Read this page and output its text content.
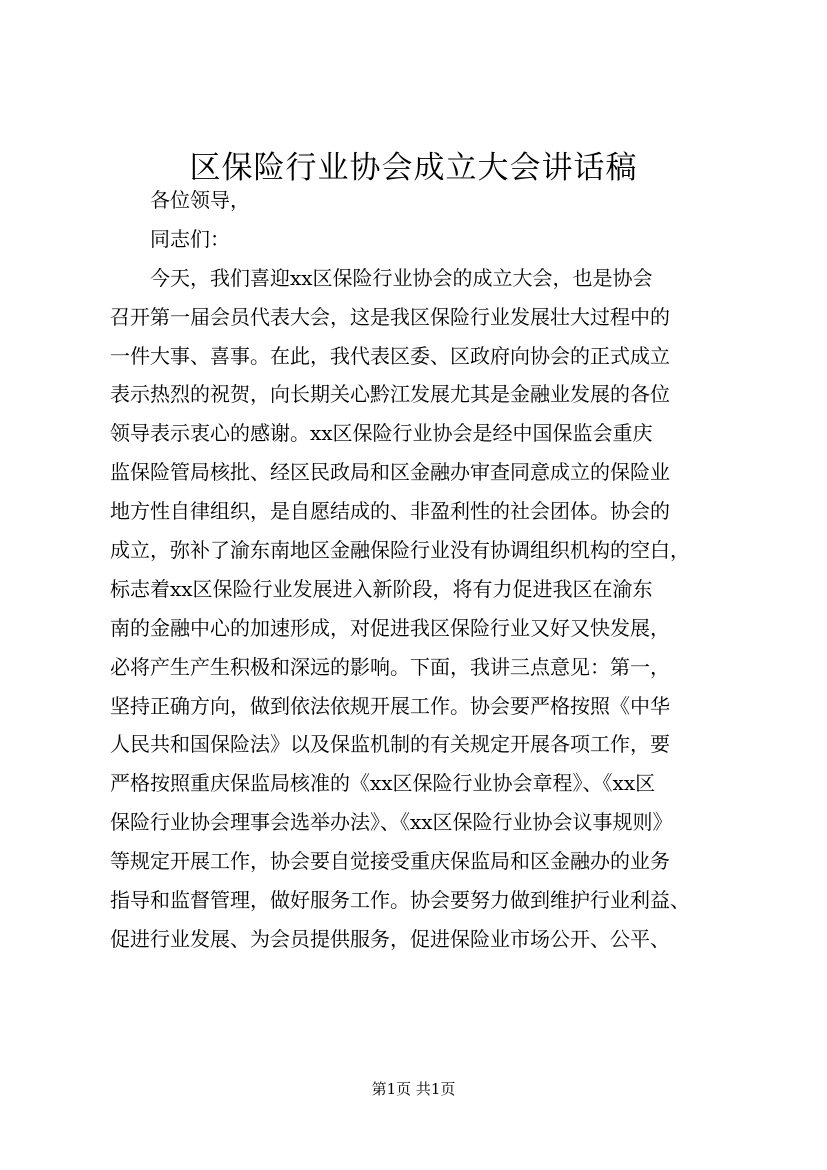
区保险行业协会成立大会讲话稿
各位领导，
同志们：
今天，我们喜迎xx区保险行业协会的成立大会，也是协会
召开第一届会员代表大会，这是我区保险行业发展壮大过程中的
一件大事、喜事。在此，我代表区委、区政府向协会的正式成立
表示热烈的祝贺，向长期关心黔江发展尤其是金融业发展的各位
领导表示衷心的感谢。xx区保险行业协会是经中国保监会重庆
监保险管局核批、经区民政局和区金融办审查同意成立的保险业
地方性自律组织，是自愿结成的、非盈利性的社会团体。协会的
成立，弥补了渝东南地区金融保险行业没有协调组织机构的空白，
标志着xx区保险行业发展进入新阶段，将有力促进我区在渝东
南的金融中心的加速形成，对促进我区保险行业又好又快发展，
必将产生产生积极和深远的影响。下面，我讲三点意见：第一，
坚持正确方向，做到依法依规开展工作。协会要严格按照《中华
人民共和国保险法》以及保监机制的有关规定开展各项工作，要
严格按照重庆保监局核准的《xx区保险行业协会章程》、《xx区
保险行业协会理事会选举办法》、《xx区保险行业协会议事规则》
等规定开展工作，协会要自觉接受重庆保监局和区金融办的业务
指导和监督管理，做好服务工作。协会要努力做到维护行业利益、
促进行业发展、为会员提供服务，促进保险业市场公开、公平、
第1页 共1页
